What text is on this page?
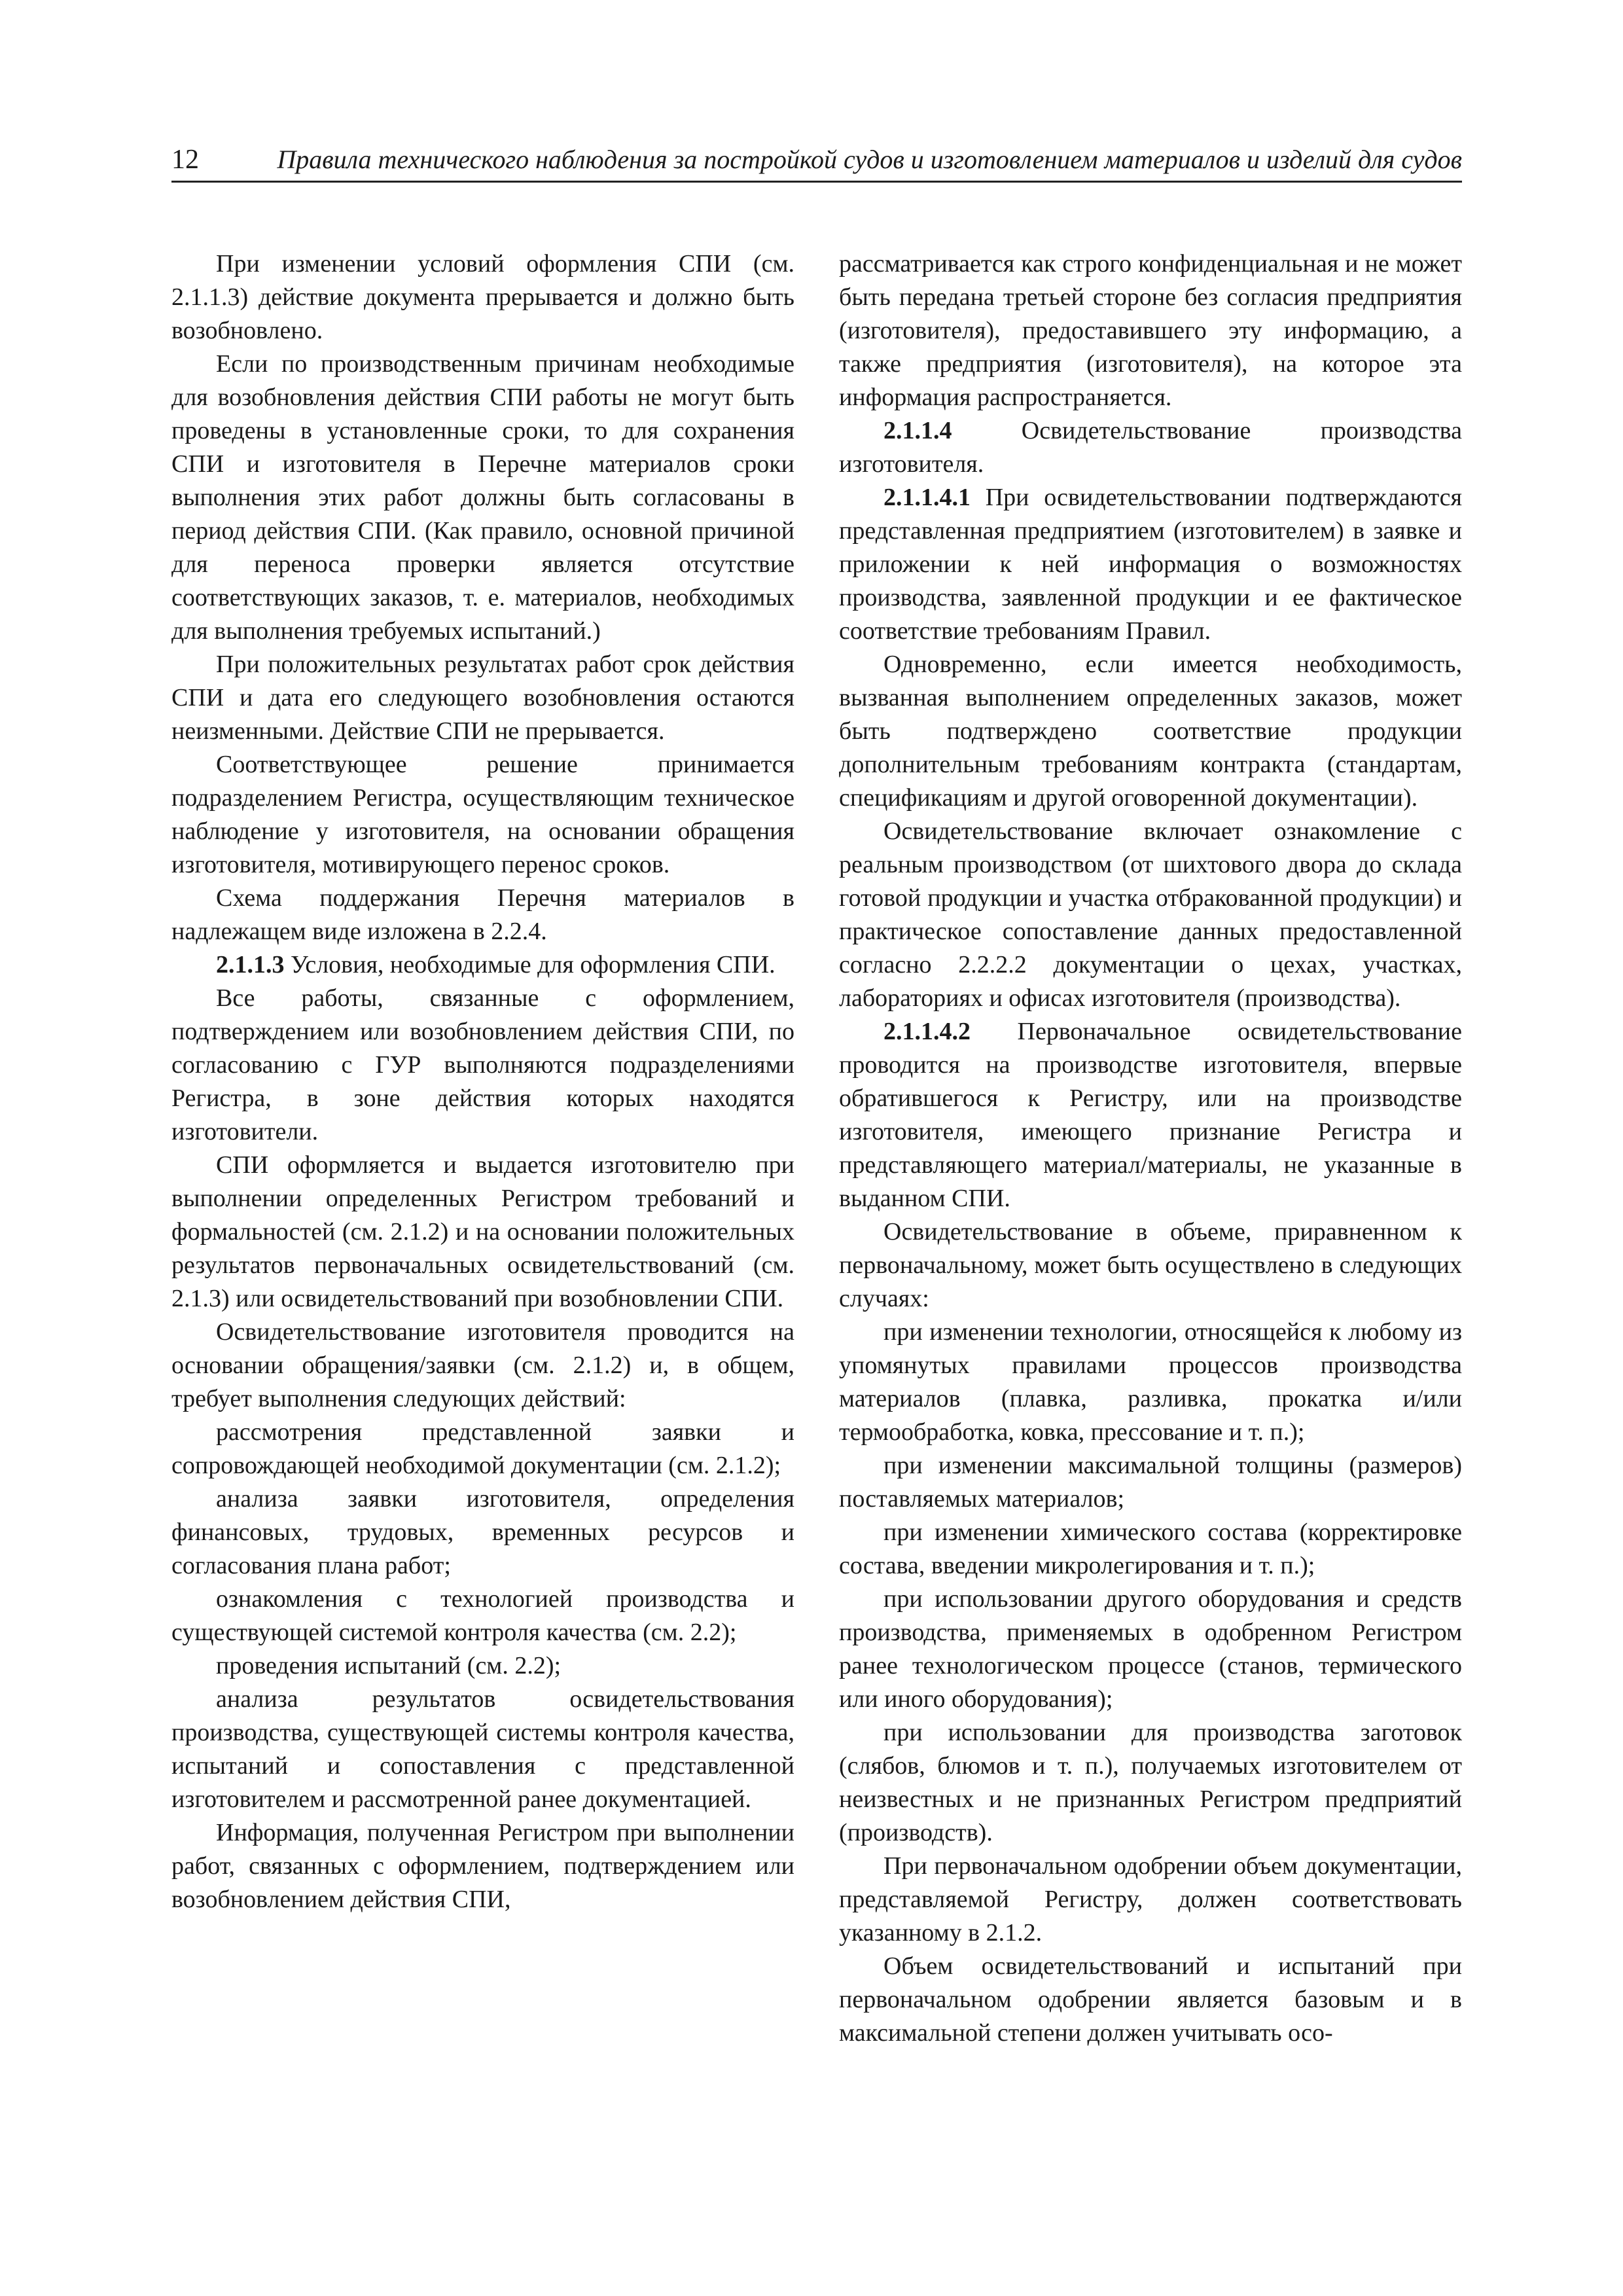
12	Правила технического наблюдения за постройкой судов и изготовлением материалов и изделий для судов

При изменении условий оформления СПИ (см. 2.1.1.3) действие документа прерывается и должно быть возобновлено.

Если по производственным причинам необходимые для возобновления действия СПИ работы не могут быть проведены в установленные сроки, то для сохранения СПИ и изготовителя в Перечне материалов сроки выполнения этих работ должны быть согласованы в период действия СПИ. (Как правило, основной причиной для переноса проверки является отсутствие соответствующих заказов, т. е. материалов, необходимых для выполнения требуемых испытаний.)

При положительных результатах работ срок действия СПИ и дата его следующего возобновления остаются неизменными. Действие СПИ не прерывается.

Соответствующее решение принимается подразделением Регистра, осуществляющим техническое наблюдение у изготовителя, на основании обращения изготовителя, мотивирующего перенос сроков.

Схема поддержания Перечня материалов в надлежащем виде изложена в 2.2.4.

2.1.1.3 Условия, необходимые для оформления СПИ.

Все работы, связанные с оформлением, подтверждением или возобновлением действия СПИ, по согласованию с ГУР выполняются подразделениями Регистра, в зоне действия которых находятся изготовители.

СПИ оформляется и выдается изготовителю при выполнении определенных Регистром требований и формальностей (см. 2.1.2) и на основании положительных результатов первоначальных освидетельствований (см. 2.1.3) или освидетельствований при возобновлении СПИ.

Освидетельствование изготовителя проводится на основании обращения/заявки (см. 2.1.2) и, в общем, требует выполнения следующих действий:

рассмотрения представленной заявки и сопровождающей необходимой документации (см. 2.1.2);

анализа заявки изготовителя, определения финансовых, трудовых, временных ресурсов и согласования плана работ;

ознакомления с технологией производства и существующей системой контроля качества (см. 2.2);

проведения испытаний (см. 2.2);

анализа результатов освидетельствования производства, существующей системы контроля качества, испытаний и сопоставления с представленной изготовителем и рассмотренной ранее документацией.

Информация, полученная Регистром при выполнении работ, связанных с оформлением, подтверждением или возобновлением действия СПИ,

рассматривается как строго конфиденциальная и не может быть передана третьей стороне без согласия предприятия (изготовителя), предоставившего эту информацию, а также предприятия (изготовителя), на которое эта информация распространяется.

2.1.1.4 Освидетельствование производства изготовителя.

2.1.1.4.1 При освидетельствовании подтверждаются представленная предприятием (изготовителем) в заявке и приложении к ней информация о возможностях производства, заявленной продукции и ее фактическое соответствие требованиям Правил.

Одновременно, если имеется необходимость, вызванная выполнением определенных заказов, может быть подтверждено соответствие продукции дополнительным требованиям контракта (стандартам, спецификациям и другой оговоренной документации).

Освидетельствование включает ознакомление с реальным производством (от шихтового двора до склада готовой продукции и участка отбракованной продукции) и практическое сопоставление данных предоставленной согласно 2.2.2.2 документации о цехах, участках, лабораториях и офисах изготовителя (производства).

2.1.1.4.2 Первоначальное освидетельствование проводится на производстве изготовителя, впервые обратившегося к Регистру, или на производстве изготовителя, имеющего признание Регистра и представляющего материал/материалы, не указанные в выданном СПИ.

Освидетельствование в объеме, приравненном к первоначальному, может быть осуществлено в следующих случаях:

при изменении технологии, относящейся к любому из упомянутых правилами процессов производства материалов (плавка, разливка, прокатка и/или термообработка, ковка, прессование и т. п.);

при изменении максимальной толщины (размеров) поставляемых материалов;

при изменении химического состава (корректировке состава, введении микролегирования и т. п.);

при использовании другого оборудования и средств производства, применяемых в одобренном Регистром ранее технологическом процессе (станов, термического или иного оборудования);

при использовании для производства заготовок (слябов, блюмов и т. п.), получаемых изготовителем от неизвестных и не признанных Регистром предприятий (производств).

При первоначальном одобрении объем документации, представляемой Регистру, должен соответствовать указанному в 2.1.2.

Объем освидетельствований и испытаний при первоначальном одобрении является базовым и в максимальной степени должен учитывать осо-
